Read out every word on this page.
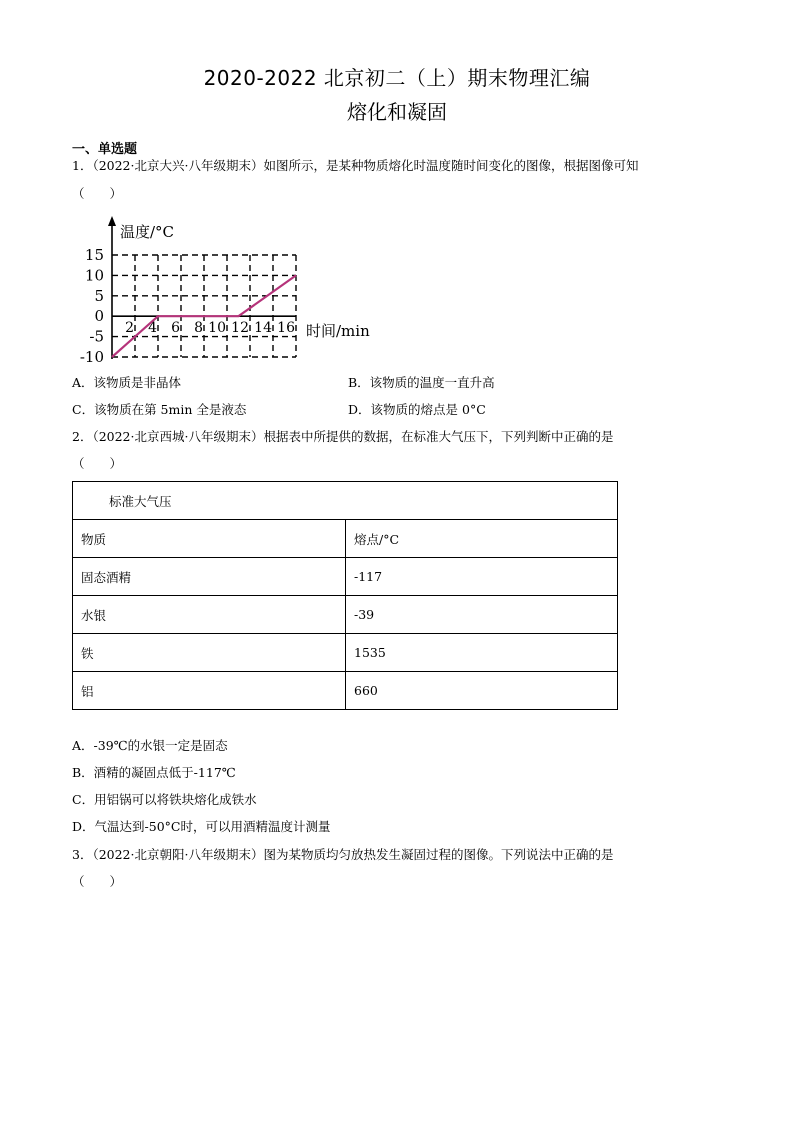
2020-2022 北京初二（上）期末物理汇编
熔化和凝固
一、单选题
1．（2022·北京大兴·八年级期末）如图所示，是某种物质熔化时温度随时间变化的图像，根据图像可知
（　　）
15
10
5
0
-5
-10
2 4 6 8 10 12 14 16
温度/°C
时间/min
A．该物质是非晶体	B．该物质的温度一直升高
C．该物质在第 5min 全是液态	D．该物质的熔点是 0°C
2．（2022·北京西城·八年级期末）根据表中所提供的数据，在标准大气压下，下列判断中正确的是
（　　）
标准大气压	
物质	熔点/°C
固态酒精	-117
水银	-39
铁	1535
铝	660
A．-39℃的水银一定是固态
B．酒精的凝固点低于-117℃
C．用铝锅可以将铁块熔化成铁水
D．气温达到-50°C时，可以用酒精温度计测量
3．（2022·北京朝阳·八年级期末）图为某物质均匀放热发生凝固过程的图像。下列说法中正确的是
（　　）
